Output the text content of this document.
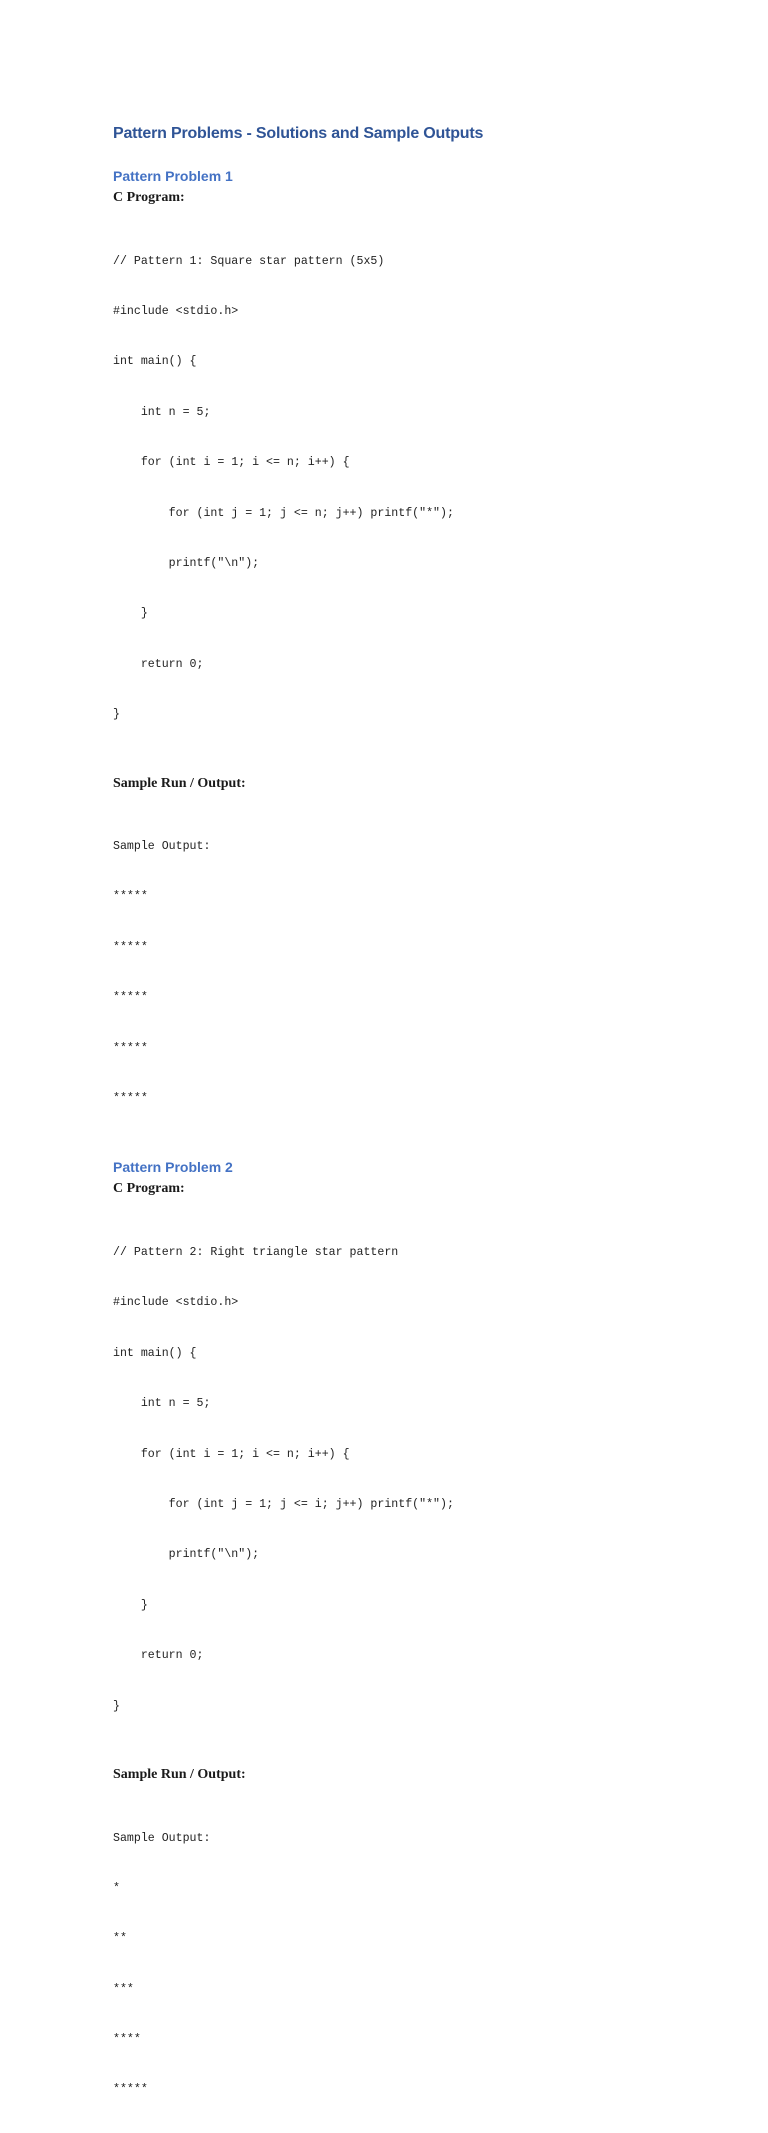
Pattern Problems - Solutions and Sample Outputs
Pattern Problem 1
C Program:

// Pattern 1: Square star pattern (5x5)

#include <stdio.h>

int main() {

int n = 5;

for (int i = 1; i <= n; i++) {

for (int j = 1; j <= n; j++) printf("*");

printf("\n");

}

return 0;

}

Sample Run / Output:

Sample Output:

*****

*****

*****

*****

*****

Pattern Problem 2
C Program:

// Pattern 2: Right triangle star pattern

#include <stdio.h>

int main() {

int n = 5;

for (int i = 1; i <= n; i++) {

for (int j = 1; j <= i; j++) printf("*");

printf("\n");

}

return 0;

}

Sample Run / Output:

Sample Output:

*

**

***

****

*****
